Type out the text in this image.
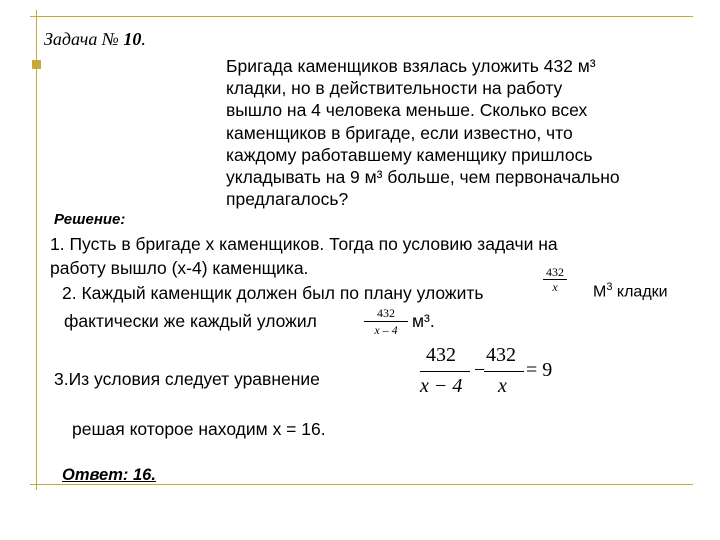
Задача № 10.
Бригада каменщиков взялась уложить 432 м³
кладки, но в действительности на работу
вышло на 4 человека меньше. Сколько всех
каменщиков в бригаде, если известно, что
каждому работавшему каменщику пришлось
укладывать на 9 м³ больше, чем первоначально
предлагалось?
Решение:
1. Пусть в бригаде х каменщиков. Тогда по условию задачи на
работу вышло (х-4) каменщика.
2. Каждый каменщик должен был по плану уложить	$\frac{432}{x} М^3$ кладки
фактически же каждый уложил	$\frac{432}{x - 4} м^3$.
3.Из условия следует уравнение
432
x − 4
−
432
x
= 9
решая которое находим х = 16.
Ответ: 16.
